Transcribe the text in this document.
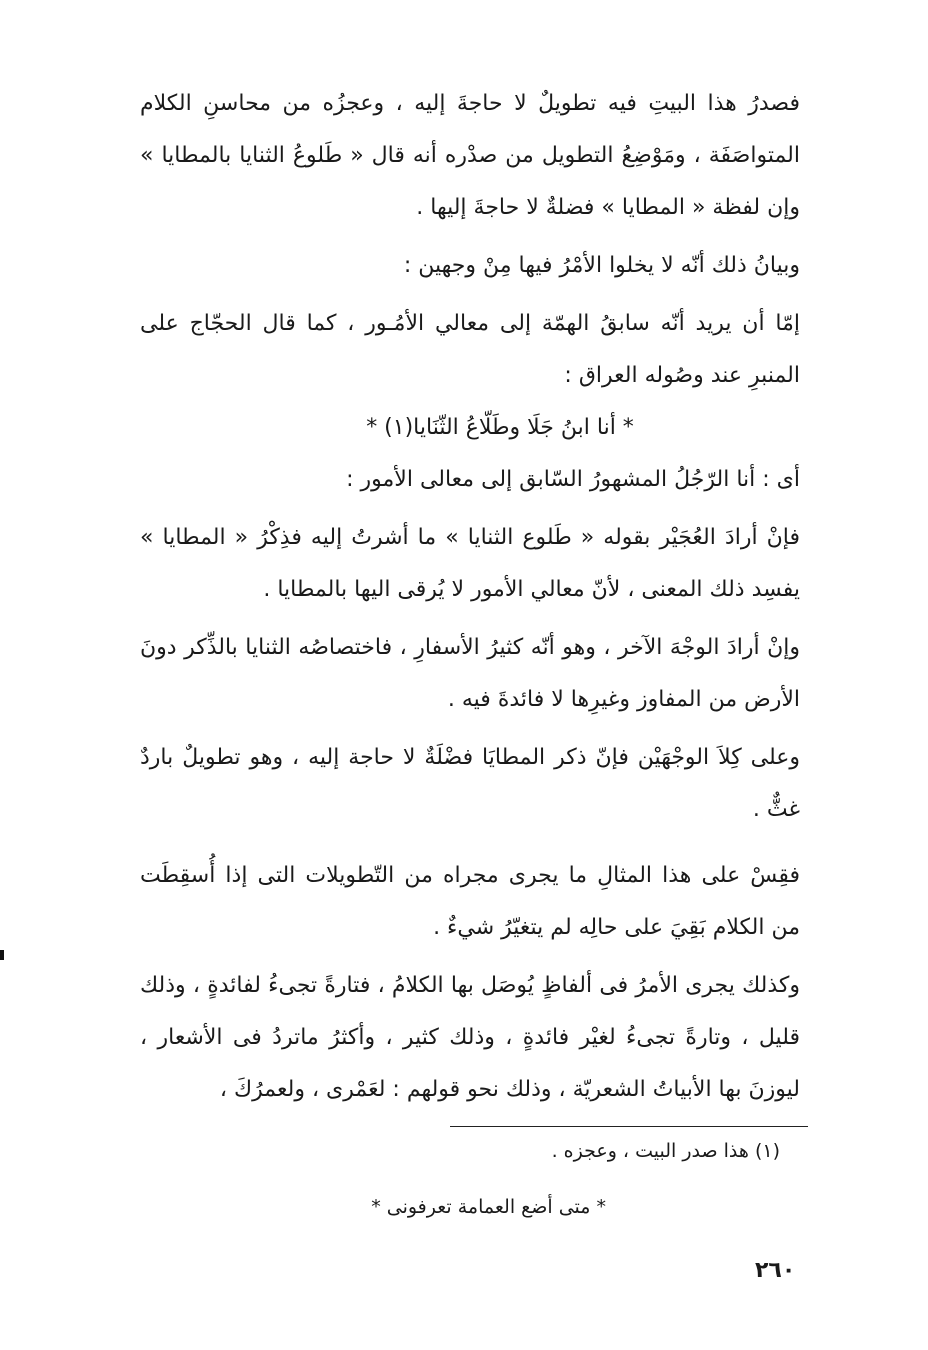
فصدرُ هذا البيتِ فيه تطويلٌ لا حاجةَ إليه ، وعجزُه من محاسنِ الكلام المتواصَفَة ، ومَوْضِعُ التطويل من صدْره أنه قال « طَلوعُ الثنايا بالمطايا » وإن لفظة « المطايا » فضلةٌ لا حاجةَ إليها .

وبيانُ ذلك أنّه لا يخلوا الأمْرُ فيها مِنْ وجهين :

إمّا أن يريد أنّه سابقُ الهمّة إلى معالي الأمُـور ، كما قال الحجّاج على المنبرِ عند وصُوله العراق :

* أنا ابنُ جَلَا وطَلّاعُ الثّنَايا(١) *

أى : أنا الرّجُلُ المشهورُ السّابق إلى معالى الأمور :

فإنْ أرادَ العُجَيْر بقوله « طَلوع الثنايا » ما أشرتُ إليه فذِكْرُ « المطايا » يفسِد ذلك المعنى ، لأنّ معالي الأمور لا يُرقى اليها بالمطايا .

وإنْ أرادَ الوجْهَ الآخر ، وهو أنّه كثيرُ الأسفارِ ، فاختصاصُه الثنايا بالذِّكر دونَ الأرض من المفاوز وغيرِها لا فائدةَ فيه .

وعلى كِلاَ الوجْهَيْن فإنّ ذكر المطايَا فضْلَةٌ لا حاجة إليه ، وهو تطويلٌ باردٌ غثٌّ .

فقِسْ على هذا المثالِ ما يجرى مجراه من التّطويلات التى إذا أُسقِطَت من الكلام بَقِيَ على حالِه لم يتغيّرُ شيءٌ .

وكذلك يجرى الأمرُ فى ألفاظٍ يُوصَل بها الكلامُ ، فتارةً تجىءُ لفائدةٍ ، وذلك قليل ، وتارةً تجىءُ لغيْر فائدةٍ ، وذلك كثير ، وأكثرُ ماتردُ فى الأشعار ، ليوزنَ بها الأبياتُ الشعريّة ، وذلك نحو قولهم : لعَمْرى ، ولعمرُكَ ،

(١) هذا صدر البيت ، وعجزه .
* متى أضع العمامة تعرفونى *
٢٦٠
